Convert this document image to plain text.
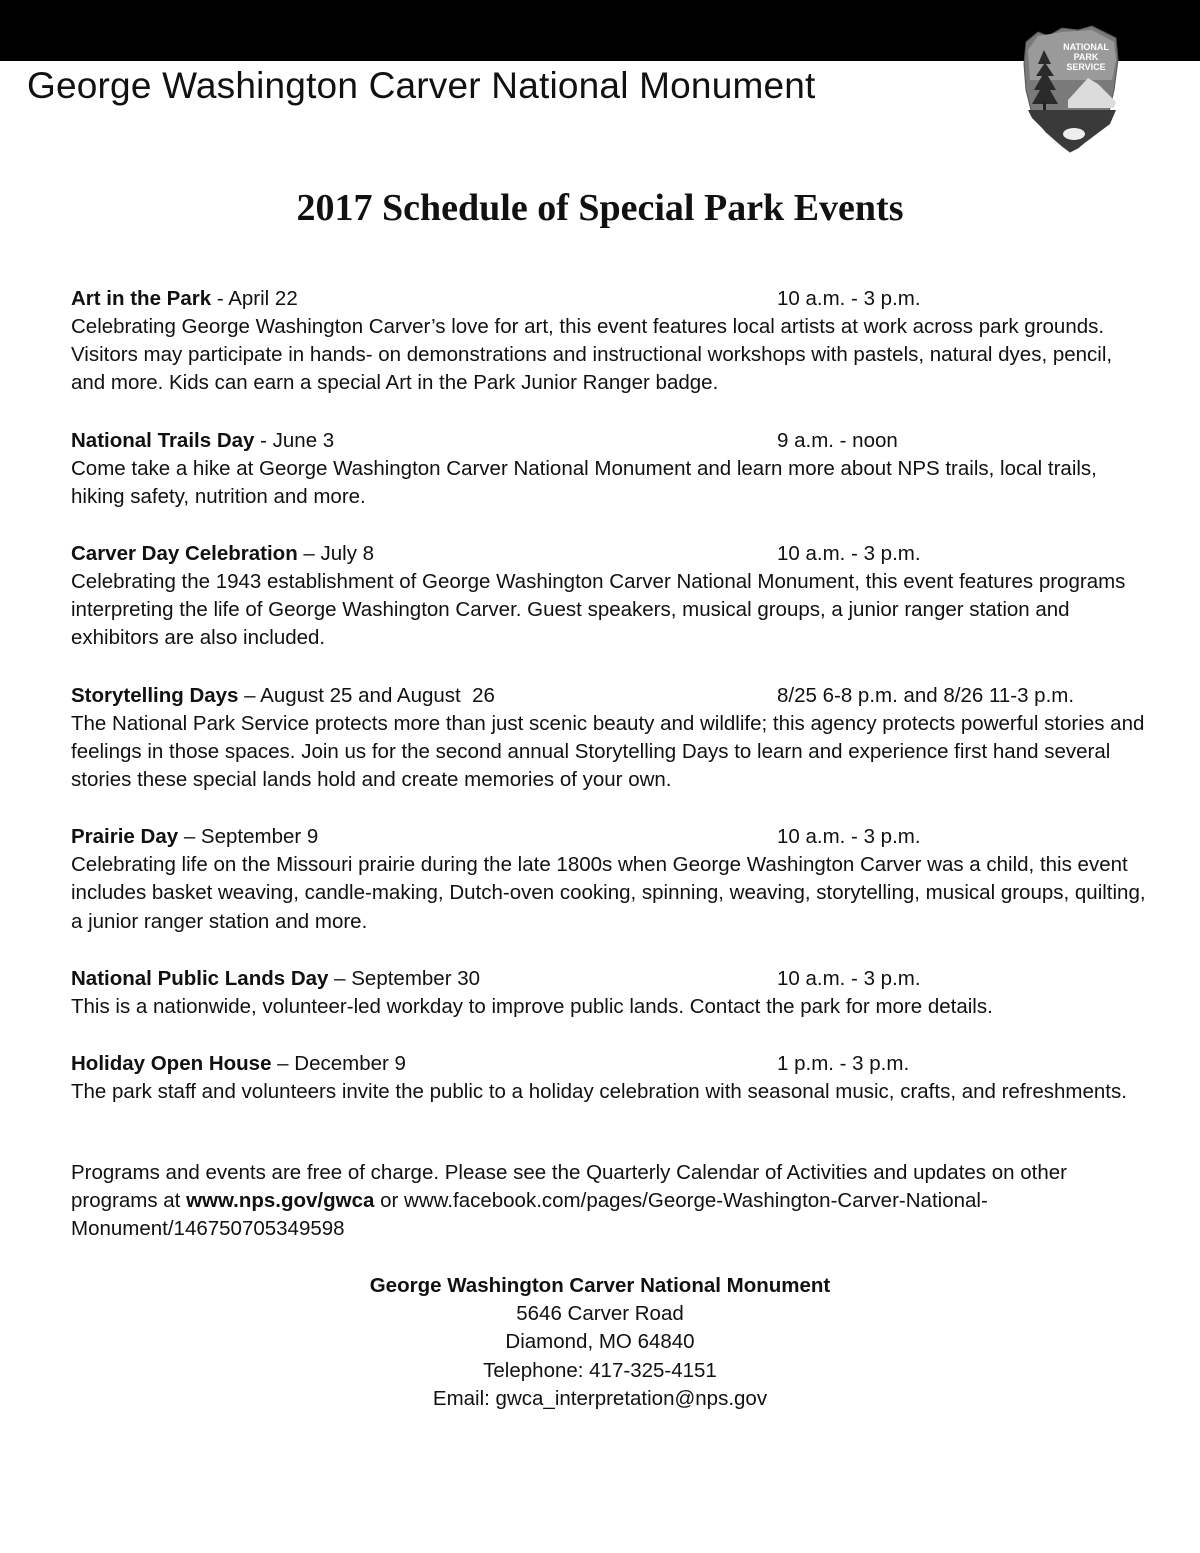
George Washington Carver National Monument
NATIONAL
PARK
SERVICE
2017 Schedule of Special Park Events
Art in the Park - April 22	10 a.m. - 3 p.m.
Celebrating George Washington Carver’s love for art, this event features local artists at work across park grounds. Visitors may participate in hands- on demonstrations and instructional workshops with pastels, natural dyes, pencil, and more. Kids can earn a special Art in the Park Junior Ranger badge.
National Trails Day - June 3	9 a.m. - noon
Come take a hike at George Washington Carver National Monument and learn more about NPS trails, local trails, hiking safety, nutrition and more.
Carver Day Celebration – July 8	10 a.m. - 3 p.m.
Celebrating the 1943 establishment of George Washington Carver National Monument, this event features programs interpreting the life of George Washington Carver. Guest speakers, musical groups, a junior ranger station and exhibitors are also included.
Storytelling Days – August 25 and August  26	8/25 6-8 p.m. and 8/26 11-3 p.m.
The National Park Service protects more than just scenic beauty and wildlife; this agency protects powerful stories and feelings in those spaces. Join us for the second annual Storytelling Days to learn and experience first hand several stories these special lands hold and create memories of your own.
Prairie Day – September 9	10 a.m. - 3 p.m.
Celebrating life on the Missouri prairie during the late 1800s when George Washington Carver was a child, this event includes basket weaving, candle-making, Dutch-oven cooking, spinning, weaving, storytelling, musical groups, quilting, a junior ranger station and more.
National Public Lands Day – September 30	10 a.m. - 3 p.m.
This is a nationwide, volunteer-led workday to improve public lands. Contact the park for more details.
Holiday Open House – December 9	1 p.m. - 3 p.m.
The park staff and volunteers invite the public to a holiday celebration with seasonal music, crafts, and refreshments.
Programs and events are free of charge. Please see the Quarterly Calendar of Activities and updates on other programs at www.nps.gov/gwca or www.facebook.com/pages/George-Washington-Carver-National-Monument/146750705349598
George Washington Carver National Monument
5646 Carver Road
Diamond, MO 64840
Telephone: 417-325-4151
Email: gwca_interpretation@nps.gov
